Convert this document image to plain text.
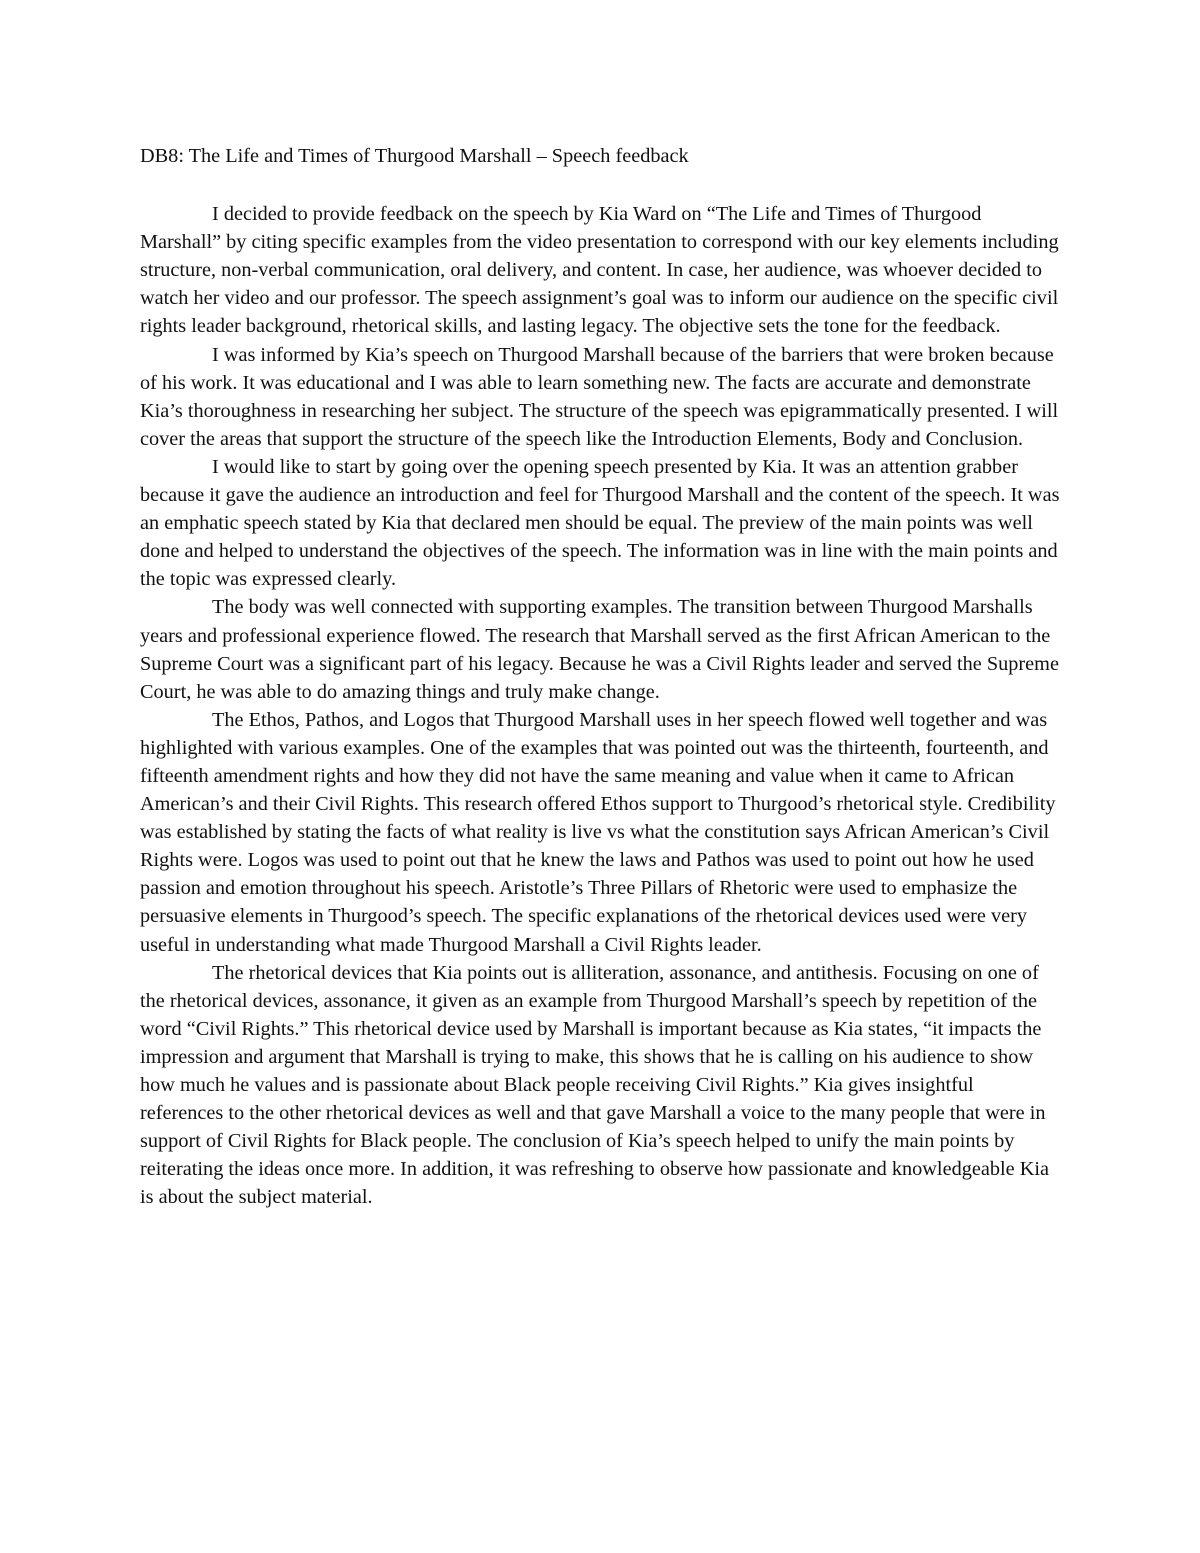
DB8: The Life and Times of Thurgood Marshall – Speech feedback

I decided to provide feedback on the speech by Kia Ward on “The Life and Times of Thurgood Marshall” by citing specific examples from the video presentation to correspond with our key elements including structure, non-verbal communication, oral delivery, and content. In case, her audience, was whoever decided to watch her video and our professor. The speech assignment’s goal was to inform our audience on the specific civil rights leader background, rhetorical skills, and lasting legacy. The objective sets the tone for the feedback.

I was informed by Kia’s speech on Thurgood Marshall because of the barriers that were broken because of his work. It was educational and I was able to learn something new. The facts are accurate and demonstrate Kia’s thoroughness in researching her subject. The structure of the speech was epigrammatically presented. I will cover the areas that support the structure of the speech like the Introduction Elements, Body and Conclusion.

I would like to start by going over the opening speech presented by Kia. It was an attention grabber because it gave the audience an introduction and feel for Thurgood Marshall and the content of the speech. It was an emphatic speech stated by Kia that declared men should be equal. The preview of the main points was well done and helped to understand the objectives of the speech. The information was in line with the main points and the topic was expressed clearly.

The body was well connected with supporting examples. The transition between Thurgood Marshalls years and professional experience flowed. The research that Marshall served as the first African American to the Supreme Court was a significant part of his legacy. Because he was a Civil Rights leader and served the Supreme Court, he was able to do amazing things and truly make change.

The Ethos, Pathos, and Logos that Thurgood Marshall uses in her speech flowed well together and was highlighted with various examples. One of the examples that was pointed out was the thirteenth, fourteenth, and fifteenth amendment rights and how they did not have the same meaning and value when it came to African American’s and their Civil Rights. This research offered Ethos support to Thurgood’s rhetorical style. Credibility was established by stating the facts of what reality is live vs what the constitution says African American’s Civil Rights were. Logos was used to point out that he knew the laws and Pathos was used to point out how he used passion and emotion throughout his speech. Aristotle’s Three Pillars of Rhetoric were used to emphasize the persuasive elements in Thurgood’s speech. The specific explanations of the rhetorical devices used were very useful in understanding what made Thurgood Marshall a Civil Rights leader.

The rhetorical devices that Kia points out is alliteration, assonance, and antithesis. Focusing on one of the rhetorical devices, assonance, it given as an example from Thurgood Marshall’s speech by repetition of the word “Civil Rights.” This rhetorical device used by Marshall is important because as Kia states, “it impacts the impression and argument that Marshall is trying to make, this shows that he is calling on his audience to show how much he values and is passionate about Black people receiving Civil Rights.” Kia gives insightful references to the other rhetorical devices as well and that gave Marshall a voice to the many people that were in support of Civil Rights for Black people. The conclusion of Kia’s speech helped to unify the main points by reiterating the ideas once more. In addition, it was refreshing to observe how passionate and knowledgeable Kia is about the subject material.
